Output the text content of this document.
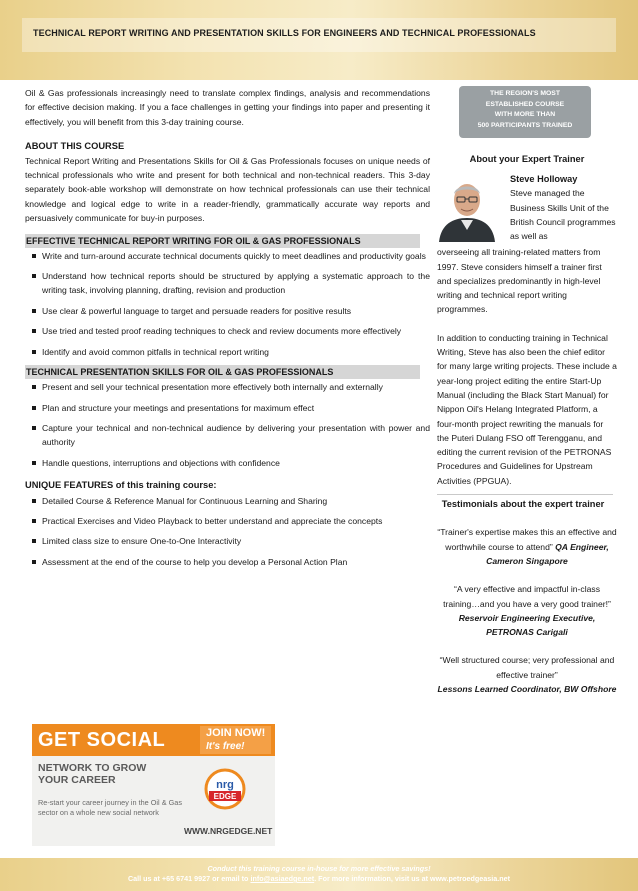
TECHNICAL REPORT WRITING AND PRESENTATION SKILLS FOR ENGINEERS AND TECHNICAL PROFESSIONALS

Oil & Gas professionals increasingly need to translate complex findings, analysis and recommendations for effective decision making. If you a face challenges in getting your findings into paper and presenting it effectively, you will benefit from this 3-day training course.

ABOUT THIS COURSE

Technical Report Writing and Presentations Skills for Oil & Gas Professionals focuses on unique needs of technical professionals who write and present for both technical and non-technical readers. This 3-day separately book-able workshop will demonstrate on how technical professionals can use their technical knowledge and logical edge to write in a reader-friendly, grammatically accurate way reports and persuasively communicate for buy-in purposes.

EFFECTIVE TECHNICAL REPORT WRITING FOR OIL & GAS PROFESSIONALS
Write and turn-around accurate technical documents quickly to meet deadlines and productivity goals
Understand how technical reports should be structured by applying a systematic approach to the writing task, involving planning, drafting, revision and production
Use clear & powerful language to target and persuade readers for positive results
Use tried and tested proof reading techniques to check and review documents more effectively
Identify and avoid common pitfalls in technical report writing
TECHNICAL PRESENTATION SKILLS FOR OIL & GAS PROFESSIONALS
Present and sell your technical presentation more effectively both internally and externally
Plan and structure your meetings and presentations for maximum effect
Capture your technical and non-technical audience by delivering your presentation with power and authority
Handle questions, interruptions and objections with confidence
UNIQUE FEATURES of this training course:
Detailed Course & Reference Manual for Continuous Learning and Sharing
Practical Exercises and Video Playback to better understand and appreciate the concepts
Limited class size to ensure One-to-One Interactivity
Assessment at the end of the course to help you develop a Personal Action Plan
THE REGION'S MOST
ESTABLISHED COURSE
WITH MORE THAN
500 PARTICIPANTS TRAINED
About your Expert Trainer
Steve Holloway
Steve managed the Business Skills Unit of the British Council programmes as well as

overseeing all training-related matters from 1997. Steve considers himself a trainer first and specializes predominantly in high-level writing and technical report writing programmes.

In addition to conducting training in Technical Writing, Steve has also been the chief editor for many large writing projects. These include a year-long project editing the entire Start-Up Manual (including the Black Start Manual) for Nippon Oil's Helang Integrated Platform, a four-month project rewriting the manuals for the Puteri Dulang FSO off Terengganu, and editing the current revision of the PETRONAS Procedures and Guidelines for Upstream Activities (PPGUA).

Testimonials about the expert trainer
“Trainer's expertise makes this an effective and worthwhile course to attend” QA Engineer, Cameron Singapore
“A very effective and impactful in-class training…and you have a very good trainer!” Reservoir Engineering Executive, PETRONAS Carigali
“Well structured course; very professional and effective trainer”
Lessons Learned Coordinator, BW Offshore
GET SOCIAL	JOIN NOW!
It's free!
NETWORK TO GROW
YOUR CAREER
Re-start your career journey in the Oil & Gas sector on a whole new social network
nrg
EDGE
WWW.NRGEDGE.NET
Conduct this training course in-house for more effective savings!
Call us at +65 6741 9927 or email to info@asiaedge.net. For more information, visit us at www.petroedgeasia.net
